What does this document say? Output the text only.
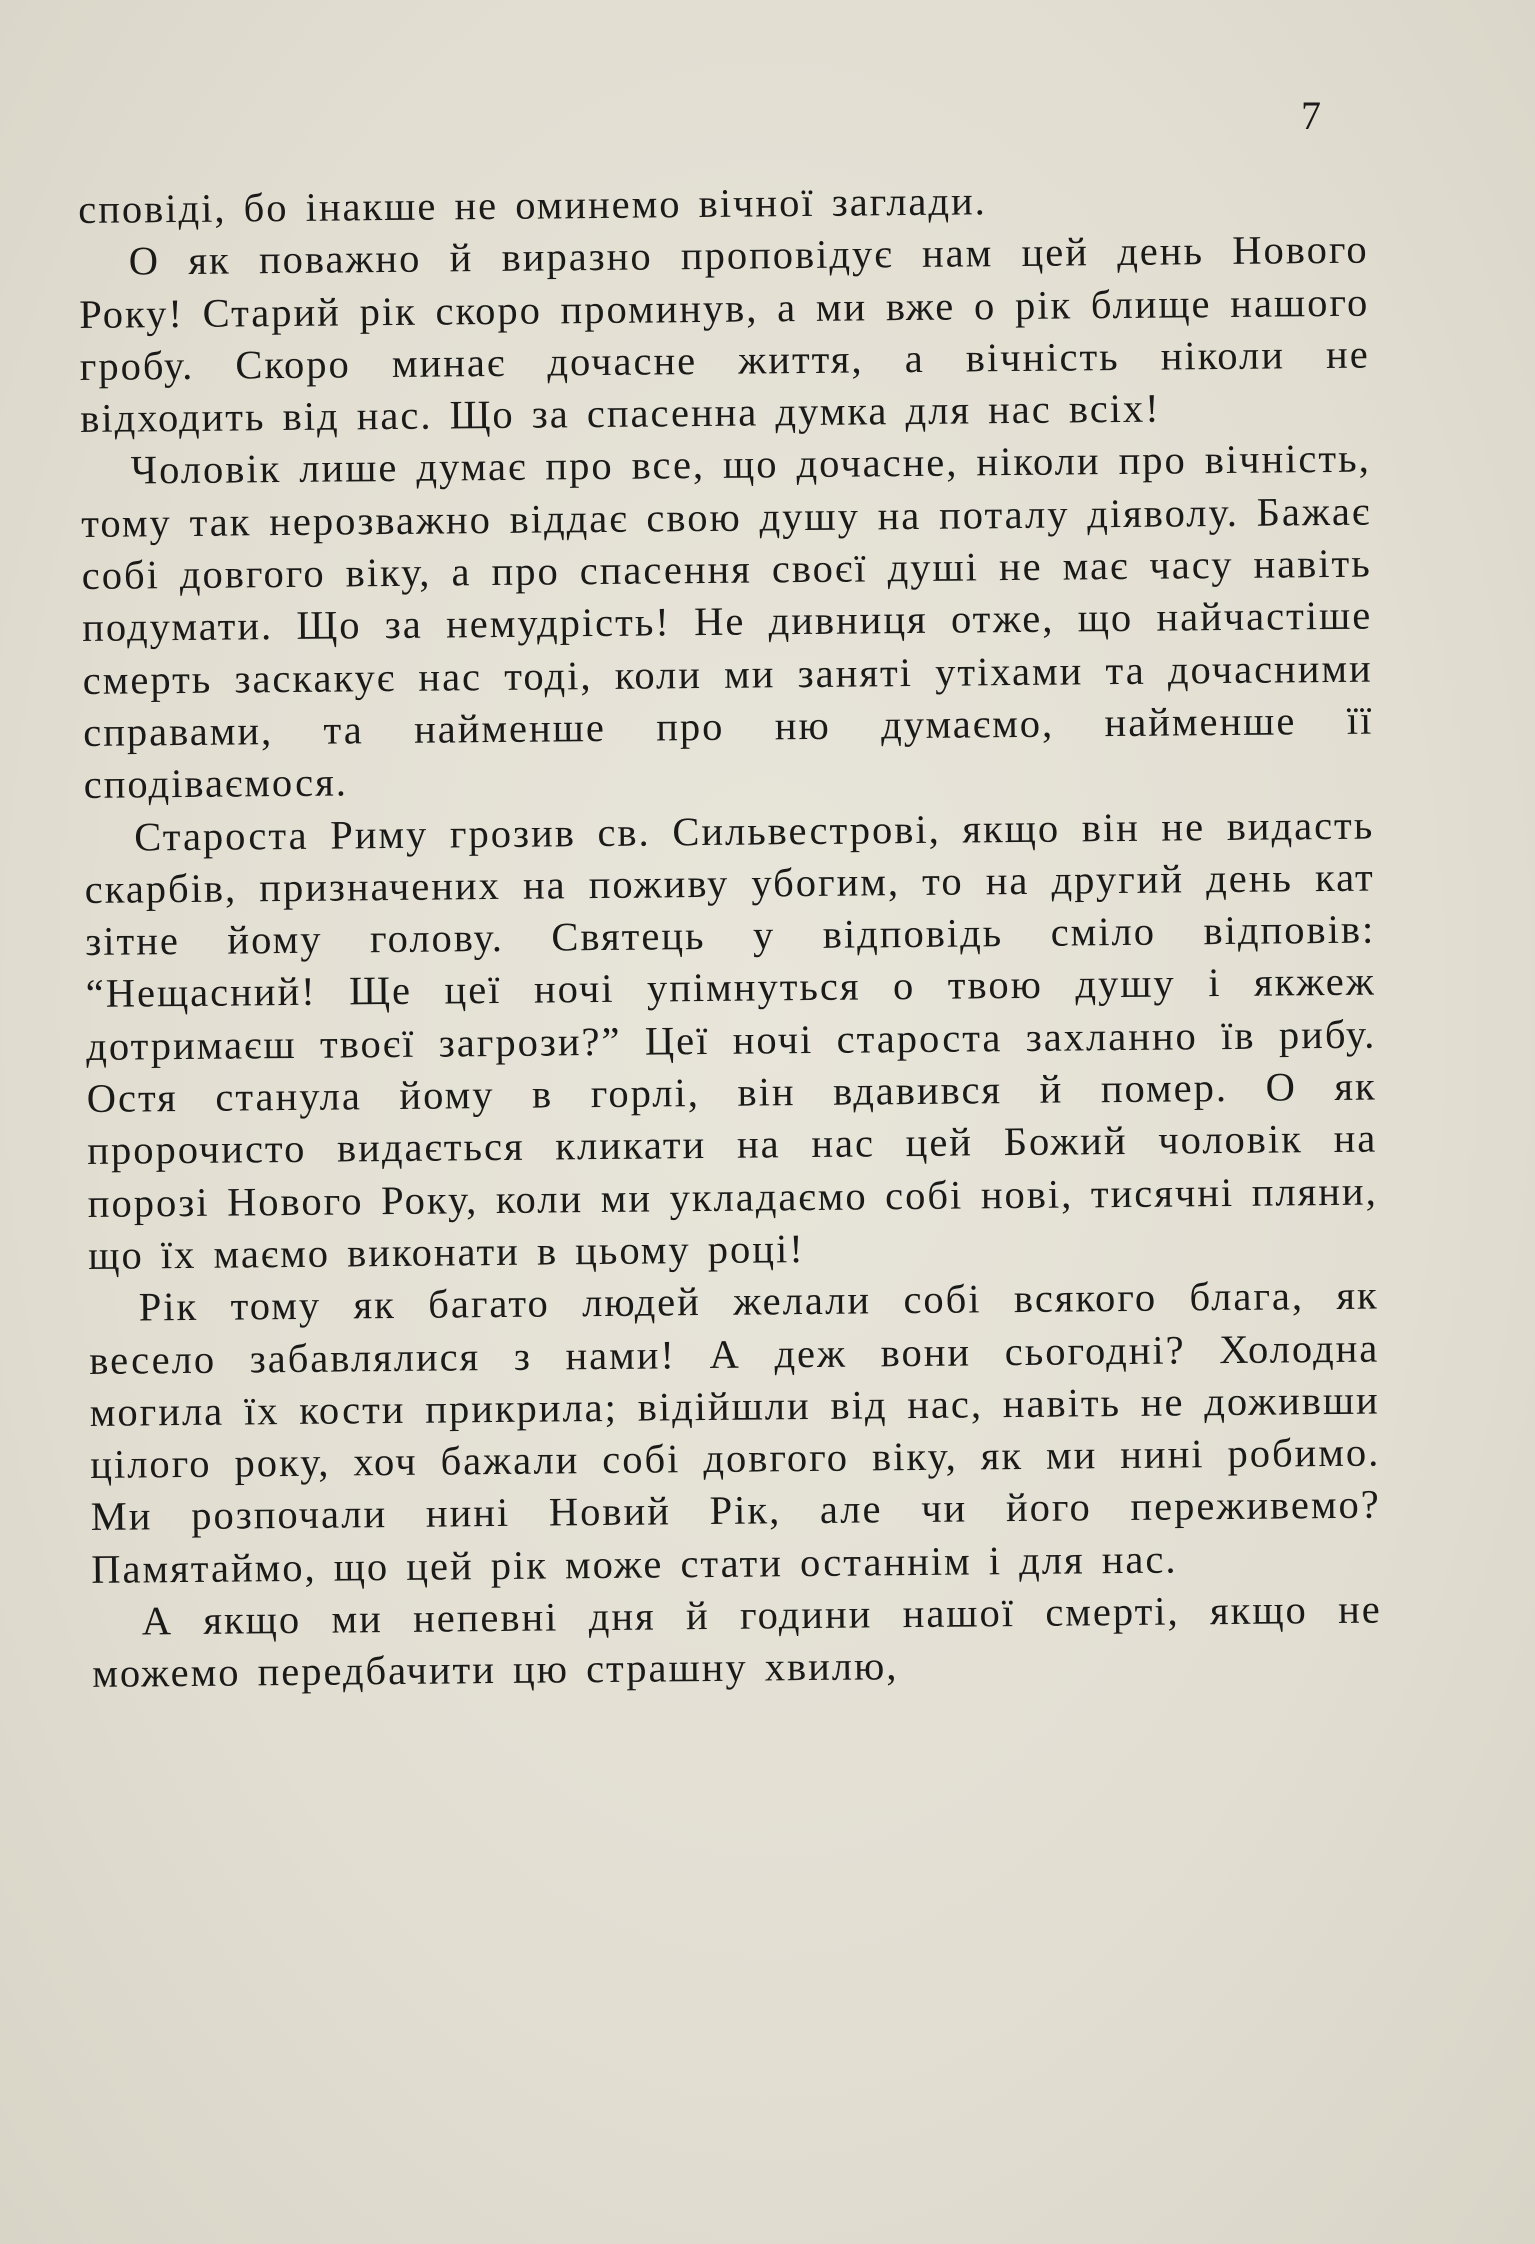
7

сповіді, бо інакше не оминемо вічної заглади.

О як поважно й виразно проповідує нам цей день Нового Року! Старий рік скоро проминув, а ми вже о рік блище нашого гробу. Скоро минає дочасне життя, а вічність ніколи не відходить від нас. Що за спасенна думка для нас всіх!

Чоловік лише думає про все, що дочасне, ніколи про вічність, тому так нерозважно віддає свою душу на поталу діяволу. Бажає собі довгого віку, а про спасення своєї душі не має часу навіть подумати. Що за немудрість! Не дивниця отже, що найчастіше смерть заскакує нас тоді, коли ми заняті утіхами та дочасними справами, та найменше про ню думаємо, найменше її сподіваємося.

Староста Риму грозив св. Сильвестрові, якщо він не видасть скарбів, призначених на поживу убогим, то на другий день кат зітне йому голову. Святець у відповідь сміло відповів: “Нещасний! Ще цеї ночі упімнуться о твою душу і якжеж дотримаєш твоєї загрози?” Цеї ночі староста захланно їв рибу. Остя станула йому в горлі, він вдавився й помер. О як пророчисто видається кликати на нас цей Божий чоловік на порозі Нового Року, коли ми укладаємо собі нові, тисячні пляни, що їх маємо виконати в цьому році!

Рік тому як багато людей желали собі всякого блага, як весело забавлялися з нами! А деж вони сьогодні? Холодна могила їх кости прикрила; відійшли від нас, навіть не доживши цілого року, хоч бажали собі довгого віку, як ми нині робимо. Ми розпочали нині Новий Рік, але чи його переживемо? Памятаймо, що цей рік може стати останнім і для нас.

А якщо ми непевні дня й години нашої смерті, якщо не можемо передбачити цю страшну хвилю,
